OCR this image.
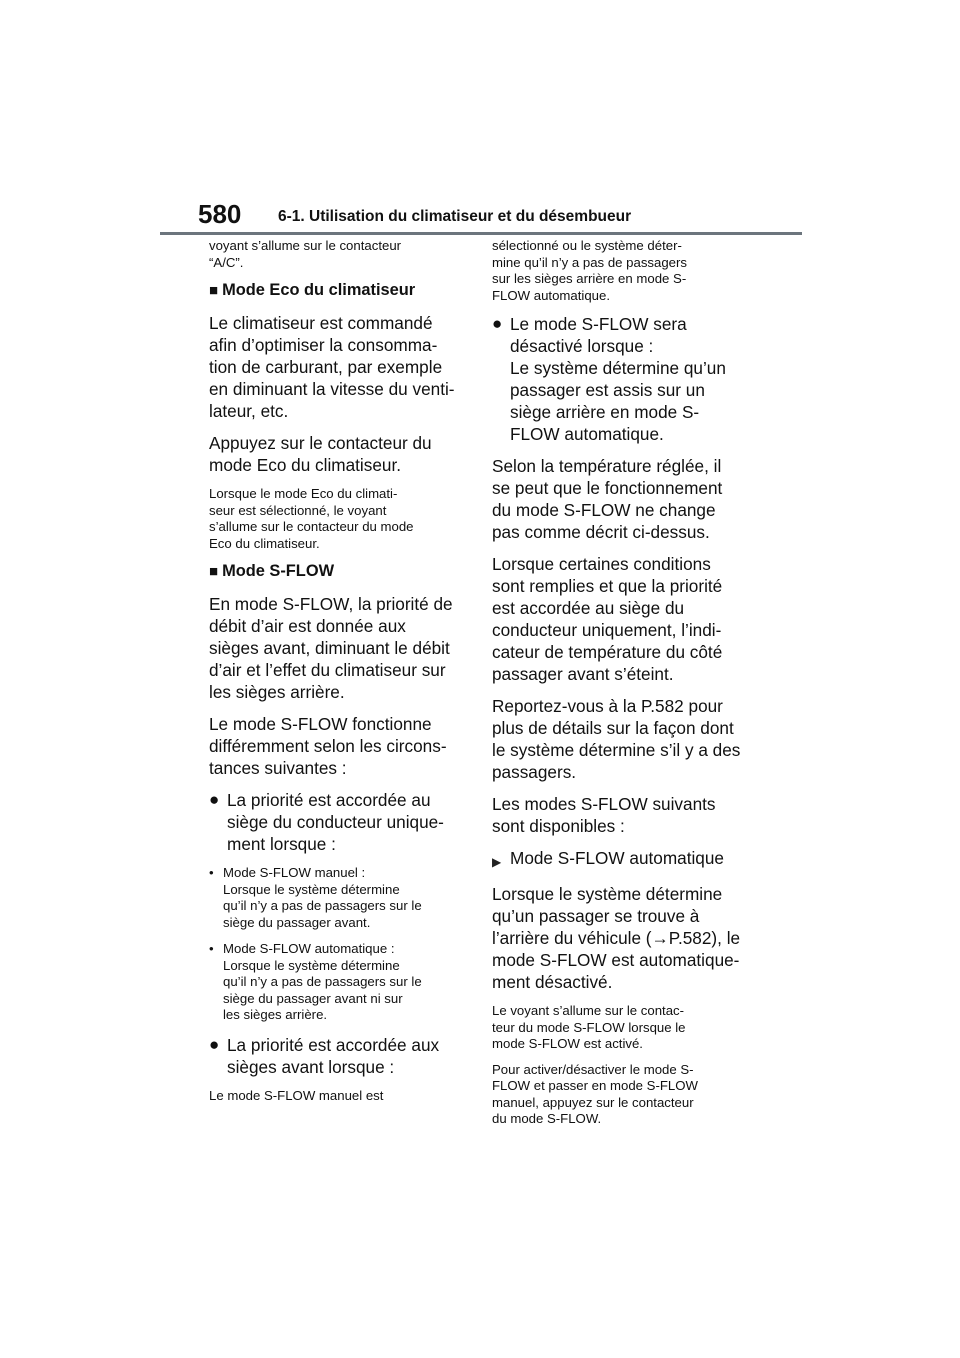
580 6-1. Utilisation du climatiseur et du désembueur

voyant s’allume sur le contacteur
“A/C”.

■ Mode Eco du climatiseur

Le climatiseur est commandé
afin d’optimiser la consomma-
tion de carburant, par exemple
en diminuant la vitesse du venti-
lateur, etc.

Appuyez sur le contacteur du
mode Eco du climatiseur.

Lorsque le mode Eco du climati-
seur est sélectionné, le voyant
s’allume sur le contacteur du mode
Eco du climatiseur.

■ Mode S-FLOW

En mode S-FLOW, la priorité de
débit d’air est donnée aux
sièges avant, diminuant le débit
d’air et l’effet du climatiseur sur
les sièges arrière.

Le mode S-FLOW fonctionne
différemment selon les circons-
tances suivantes :

● La priorité est accordée au
siège du conducteur unique-
ment lorsque :
• Mode S-FLOW manuel :
Lorsque le système détermine
qu’il n’y a pas de passagers sur le
siège du passager avant.
• Mode S-FLOW automatique :
Lorsque le système détermine
qu’il n’y a pas de passagers sur le
siège du passager avant ni sur
les sièges arrière.
● La priorité est accordée aux
sièges avant lorsque :

Le mode S-FLOW manuel est

sélectionné ou le système déter-
mine qu’il n’y a pas de passagers
sur les sièges arrière en mode S-
FLOW automatique.

● Le mode S-FLOW sera
désactivé lorsque :
Le système détermine qu’un
passager est assis sur un
siège arrière en mode S-
FLOW automatique.

Selon la température réglée, il
se peut que le fonctionnement
du mode S-FLOW ne change
pas comme décrit ci-dessus.

Lorsque certaines conditions
sont remplies et que la priorité
est accordée au siège du
conducteur uniquement, l’indi-
cateur de température du côté
passager avant s’éteint.

Reportez-vous à la P.582 pour
plus de détails sur la façon dont
le système détermine s’il y a des
passagers.

Les modes S-FLOW suivants
sont disponibles :

▶ Mode S-FLOW automatique

Lorsque le système détermine
qu’un passager se trouve à
l’arrière du véhicule (→P.582), le
mode S-FLOW est automatique-
ment désactivé.

Le voyant s’allume sur le contac-
teur du mode S-FLOW lorsque le
mode S-FLOW est activé.

Pour activer/désactiver le mode S-
FLOW et passer en mode S-FLOW
manuel, appuyez sur le contacteur
du mode S-FLOW.
